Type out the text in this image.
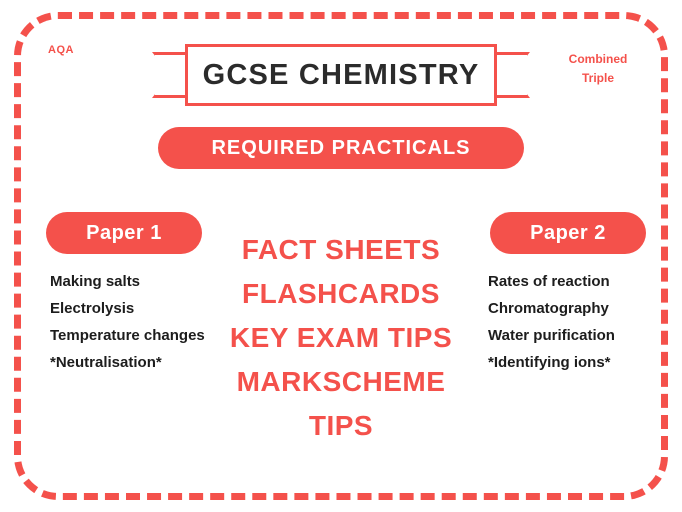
AQA
Combined
Triple
GCSE CHEMISTRY
REQUIRED PRACTICALS
Paper 1
Making salts
Electrolysis
Temperature changes
*Neutralisation*
FACT SHEETS
FLASHCARDS
KEY EXAM TIPS
MARKSCHEME TIPS
Paper 2
Rates of reaction
Chromatography
Water purification
*Identifying ions*
